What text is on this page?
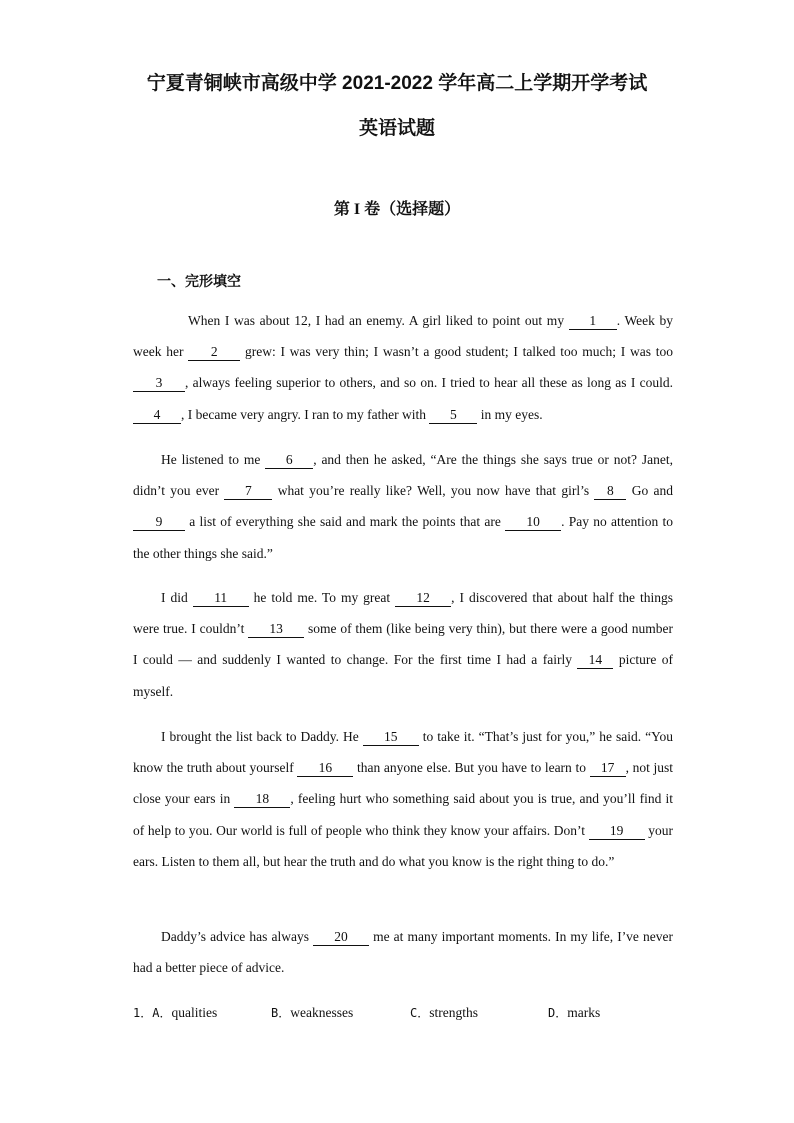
宁夏青铜峡市高级中学 2021-2022 学年高二上学期开学考试
英语试题
第 I 卷（选择题）
一、完形填空
When I was about 12, I had an enemy. A girl liked to point out my 1 . Week by week her 2 grew: I was very thin; I wasn’t a good student; I talked too much; I was too 3 , always feeling superior to others, and so on. I tried to hear all these as long as I could. 4 , I became very angry. I ran to my father with 5 in my eyes.
He listened to me 6 , and then he asked, “Are the things she says true or not? Janet, didn’t you ever 7 what you’re really like? Well, you now have that girl’s 8 Go and 9 a list of everything she said and mark the points that are 10 . Pay no attention to the other things she said.”
I did 11 he told me. To my great 12 , I discovered that about half the things were true. I couldn’t 13 some of them (like being very thin), but there were a good number I could — and suddenly I wanted to change. For the first time I had a fairly 14 picture of myself.
I brought the list back to Daddy. He 15 to take it. “That’s just for you,” he said. “You know the truth about yourself 16 than anyone else. But you have to learn to 17 , not just close your ears in 18 , feeling hurt who something said about you is true, and you’ll find it of help to you. Our world is full of people who think they know your affairs. Don’t 19 your ears. Listen to them all, but hear the truth and do what you know is the right thing to do.”
Daddy’s advice has always 20 me at many important moments. In my life, I’ve never had a better piece of advice.
1．A．qualities	B．weaknesses	C．strengths	D．marks
